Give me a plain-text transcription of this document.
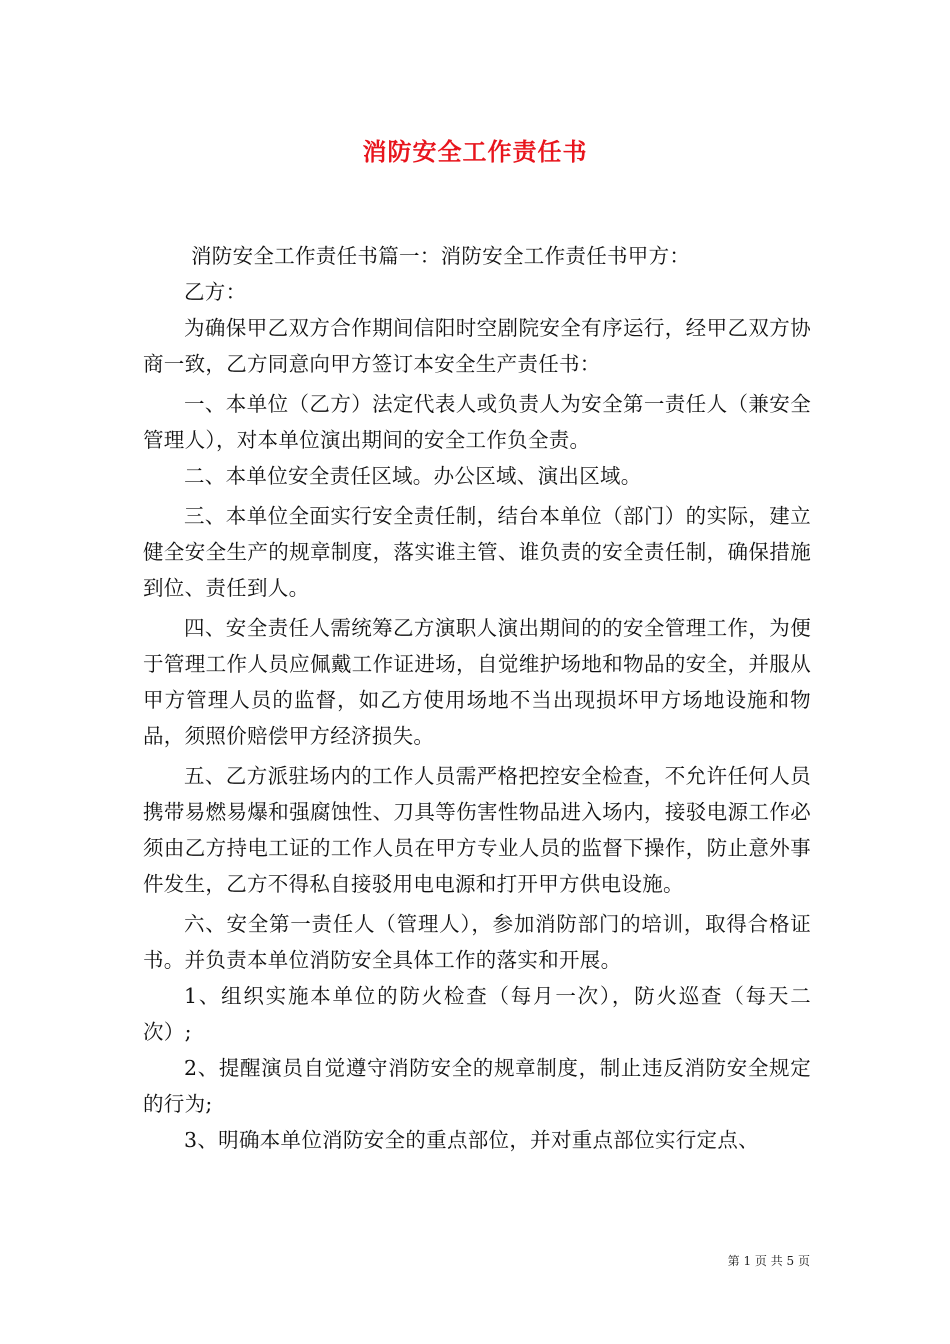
消防安全工作责任书

消防安全工作责任书篇一：消防安全工作责任书甲方：

乙方：

为确保甲乙双方合作期间信阳时空剧院安全有序运行，经甲乙双方协商一致，乙方同意向甲方签订本安全生产责任书：

一、本单位（乙方）法定代表人或负责人为安全第一责任人（兼安全管理人），对本单位演出期间的安全工作负全责。

二、本单位安全责任区域。办公区域、演出区域。

三、本单位全面实行安全责任制，结台本单位（部门）的实际，建立健全安全生产的规章制度，落实谁主管、谁负责的安全责任制，确保措施到位、责任到人。

四、安全责任人需统筹乙方演职人演出期间的的安全管理工作，为便于管理工作人员应佩戴工作证进场，自觉维护场地和物品的安全，并服从甲方管理人员的监督，如乙方使用场地不当出现损坏甲方场地设施和物品，须照价赔偿甲方经济损失。

五、乙方派驻场内的工作人员需严格把控安全检查，不允许任何人员携带易燃易爆和强腐蚀性、刀具等伤害性物品进入场内，接驳电源工作必须由乙方持电工证的工作人员在甲方专业人员的监督下操作，防止意外事件发生，乙方不得私自接驳用电电源和打开甲方供电设施。

六、安全第一责任人（管理人），参加消防部门的培训，取得合格证书。并负责本单位消防安全具体工作的落实和开展。

1、组织实施本单位的防火检查（每月一次），防火巡查（每天二次）;

2、提醒演员自觉遵守消防安全的规章制度，制止违反消防安全规定的行为;

3、明确本单位消防安全的重点部位，并对重点部位实行定点、

第 1 页 共 5 页
